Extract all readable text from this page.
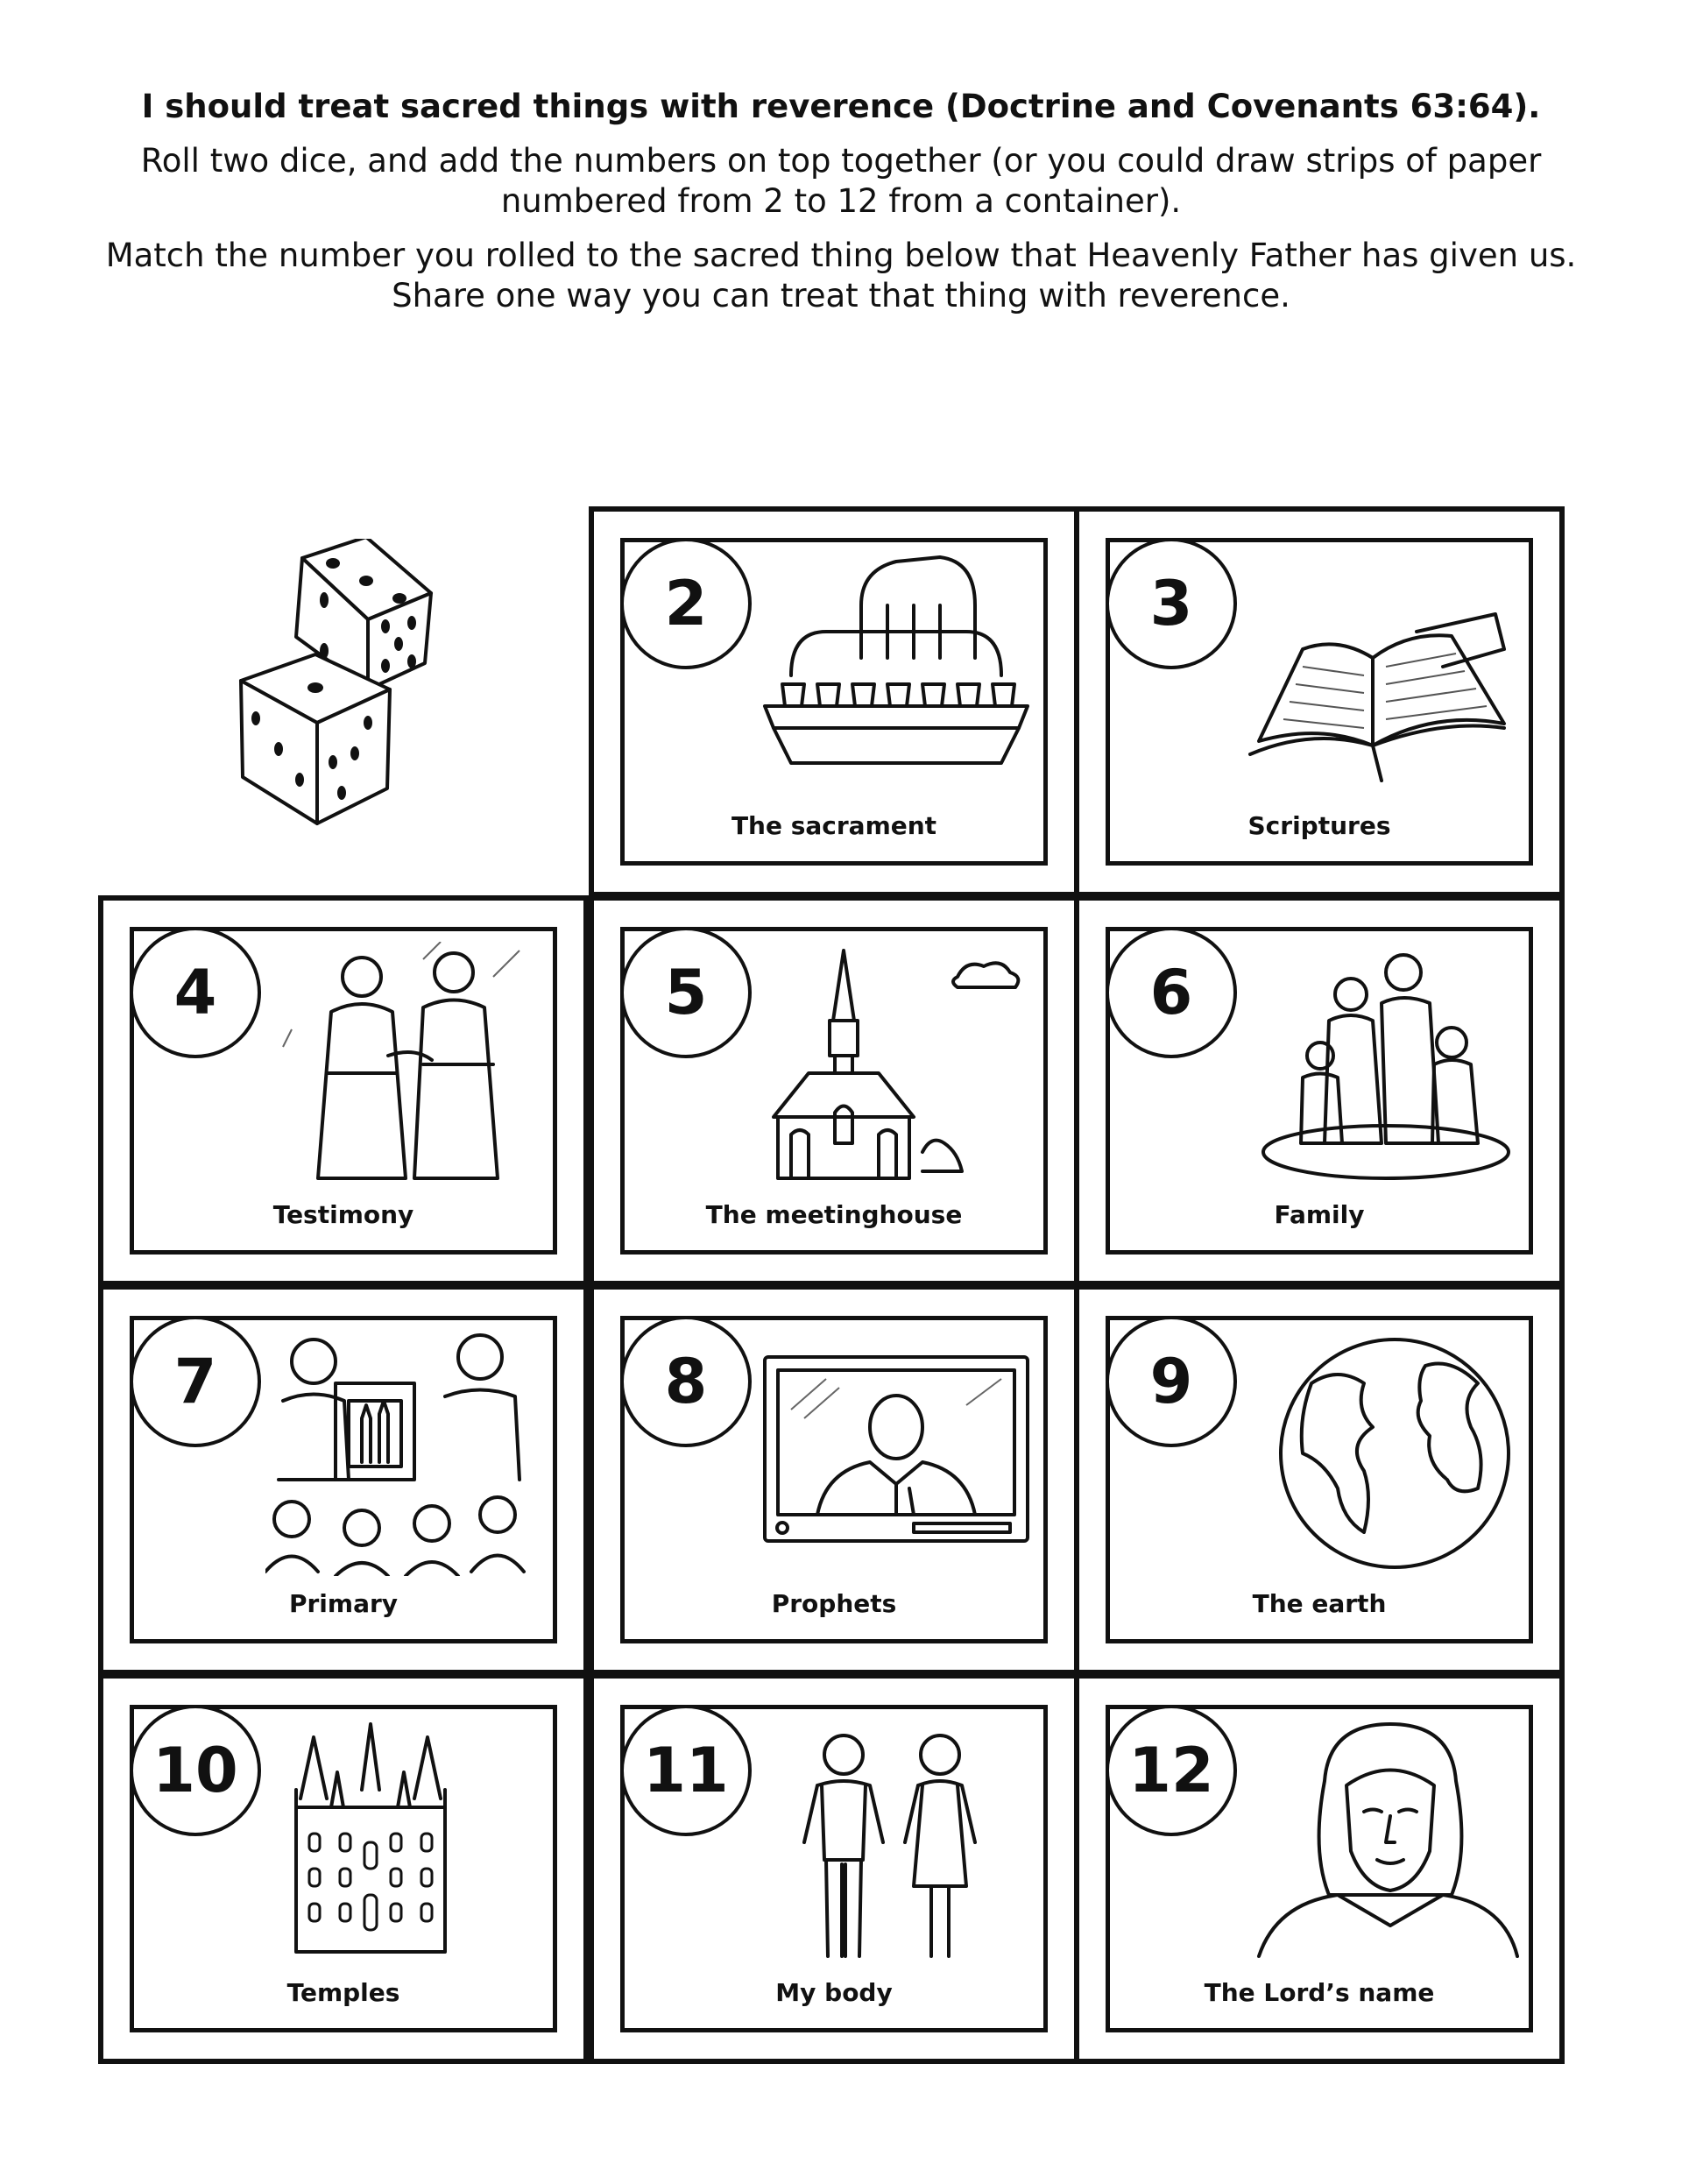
I should treat sacred things with reverence (Doctrine and Covenants 63:64).

Roll two dice, and add the numbers on top together (or you could draw strips of paper
numbered from 2 to 12 from a container).

Match the number you rolled to the sacred thing below that Heavenly Father has given us.
Share one way you can treat that thing with reverence.

2
The sacrament
3
Scriptures
4
Testimony
5
The meetinghouse
6
Family
7
Primary
8
Prophets
9
The earth
10
Temples
11
My body
12
The Lord’s name
